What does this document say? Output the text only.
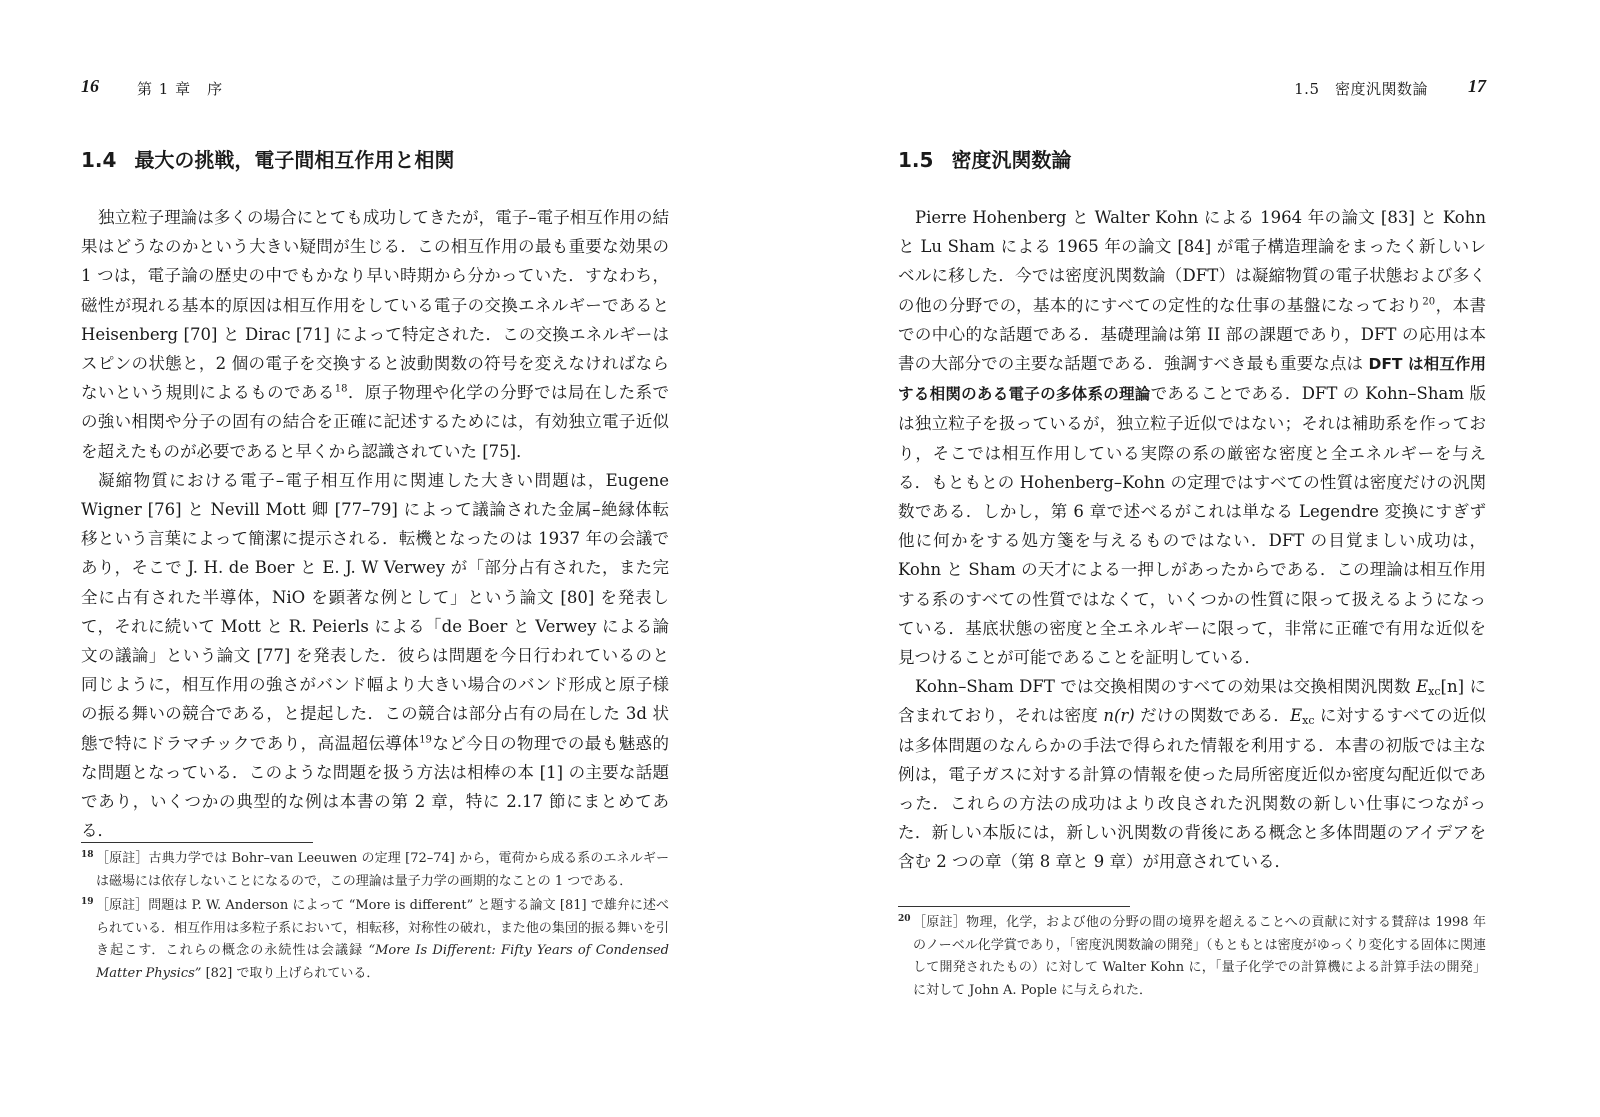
16	第 1 章　序
1.4 最大の挑戦，電子間相互作用と相関

独立粒子理論は多くの場合にとても成功してきたが，電子–電子相互作用の結果はどうなのかという大きい疑問が生じる．この相互作用の最も重要な効果の 1 つは，電子論の歴史の中でもかなり早い時期から分かっていた．すなわち，磁性が現れる基本的原因は相互作用をしている電子の交換エネルギーであると Heisenberg [70] と Dirac [71] によって特定された．この交換エネルギーはスピンの状態と，2 個の電子を交換すると波動関数の符号を変えなければならないという規則によるものである$^{18}$．原子物理や化学の分野では局在した系での強い相関や分子の固有の結合を正確に記述するためには，有効独立電子近似を超えたものが必要であると早くから認識されていた [75]．

凝縮物質における電子–電子相互作用に関連した大きい問題は，Eugene Wigner [76] と Nevill Mott 卿 [77–79] によって議論された金属–絶縁体転移という言葉によって簡潔に提示される．転機となったのは 1937 年の会議であり，そこで J. H. de Boer と E. J. W Verwey が「部分占有された，また完全に占有された半導体，NiO を顕著な例として」という論文 [80] を発表して，それに続いて Mott と R. Peierls による「de Boer と Verwey による論文の議論」という論文 [77] を発表した．彼らは問題を今日行われているのと同じように，相互作用の強さがバンド幅より大きい場合のバンド形成と原子様の振る舞いの競合である，と提起した．この競合は部分占有の局在した 3d 状態で特にドラマチックであり，高温超伝導体$^{19}$など今日の物理での最も魅惑的な問題となっている．このような問題を扱う方法は相棒の本 [1] の主要な話題であり，いくつかの典型的な例は本書の第 2 章，特に 2.17 節にまとめてある．

18 ［原註］古典力学では Bohr–van Leeuwen の定理 [72–74] から，電荷から成る系のエネルギーは磁場には依存しないことになるので，この理論は量子力学の画期的なことの 1 つである．
19 ［原註］問題は P. W. Anderson によって “More is different” と題する論文 [81] で雄弁に述べられている．相互作用は多粒子系において，相転移，対称性の破れ，また他の集団的振る舞いを引き起こす．これらの概念の永続性は会議録 “More Is Different: Fifty Years of Condensed Matter Physics” [82] で取り上げられている．
1.5　密度汎関数論 17
1.5 密度汎関数論

Pierre Hohenberg と Walter Kohn による 1964 年の論文 [83] と Kohn と Lu Sham による 1965 年の論文 [84] が電子構造理論をまったく新しいレベルに移した．今では密度汎関数論（DFT）は凝縮物質の電子状態および多くの他の分野での，基本的にすべての定性的な仕事の基盤になっており$^{20}$，本書での中心的な話題である．基礎理論は第 II 部の課題であり，DFT の応用は本書の大部分での主要な話題である．強調すべき最も重要な点は DFT は相互作用する相関のある電子の多体系の理論であることである．DFT の Kohn–Sham 版は独立粒子を扱っているが，独立粒子近似ではない；それは補助系を作っており，そこでは相互作用している実際の系の厳密な密度と全エネルギーを与える．もともとの Hohenberg–Kohn の定理ではすべての性質は密度だけの汎関数である．しかし，第 6 章で述べるがこれは単なる Legendre 変換にすぎず他に何かをする処方箋を与えるものではない．DFT の目覚ましい成功は，Kohn と Sham の天才による一押しがあったからである．この理論は相互作用する系のすべての性質ではなくて，いくつかの性質に限って扱えるようになっている．基底状態の密度と全エネルギーに限って，非常に正確で有用な近似を見つけることが可能であることを証明している．

Kohn–Sham DFT では交換相関のすべての効果は交換相関汎関数 $E_{xc}[n]$ に含まれており，それは密度 n(r) だけの関数である．$E_{xc}$ に対するすべての近似は多体問題のなんらかの手法で得られた情報を利用する．本書の初版では主な例は，電子ガスに対する計算の情報を使った局所密度近似か密度勾配近似であった．これらの方法の成功はより改良された汎関数の新しい仕事につながった．新しい本版には，新しい汎関数の背後にある概念と多体問題のアイデアを含む 2 つの章（第 8 章と 9 章）が用意されている．

20 ［原註］物理，化学，および他の分野の間の境界を超えることへの貢献に対する賛辞は 1998 年のノーベル化学賞であり，「密度汎関数論の開発」（もともとは密度がゆっくり変化する固体に関連して開発されたもの）に対して Walter Kohn に，「量子化学での計算機による計算手法の開発」に対して John A. Pople に与えられた．
